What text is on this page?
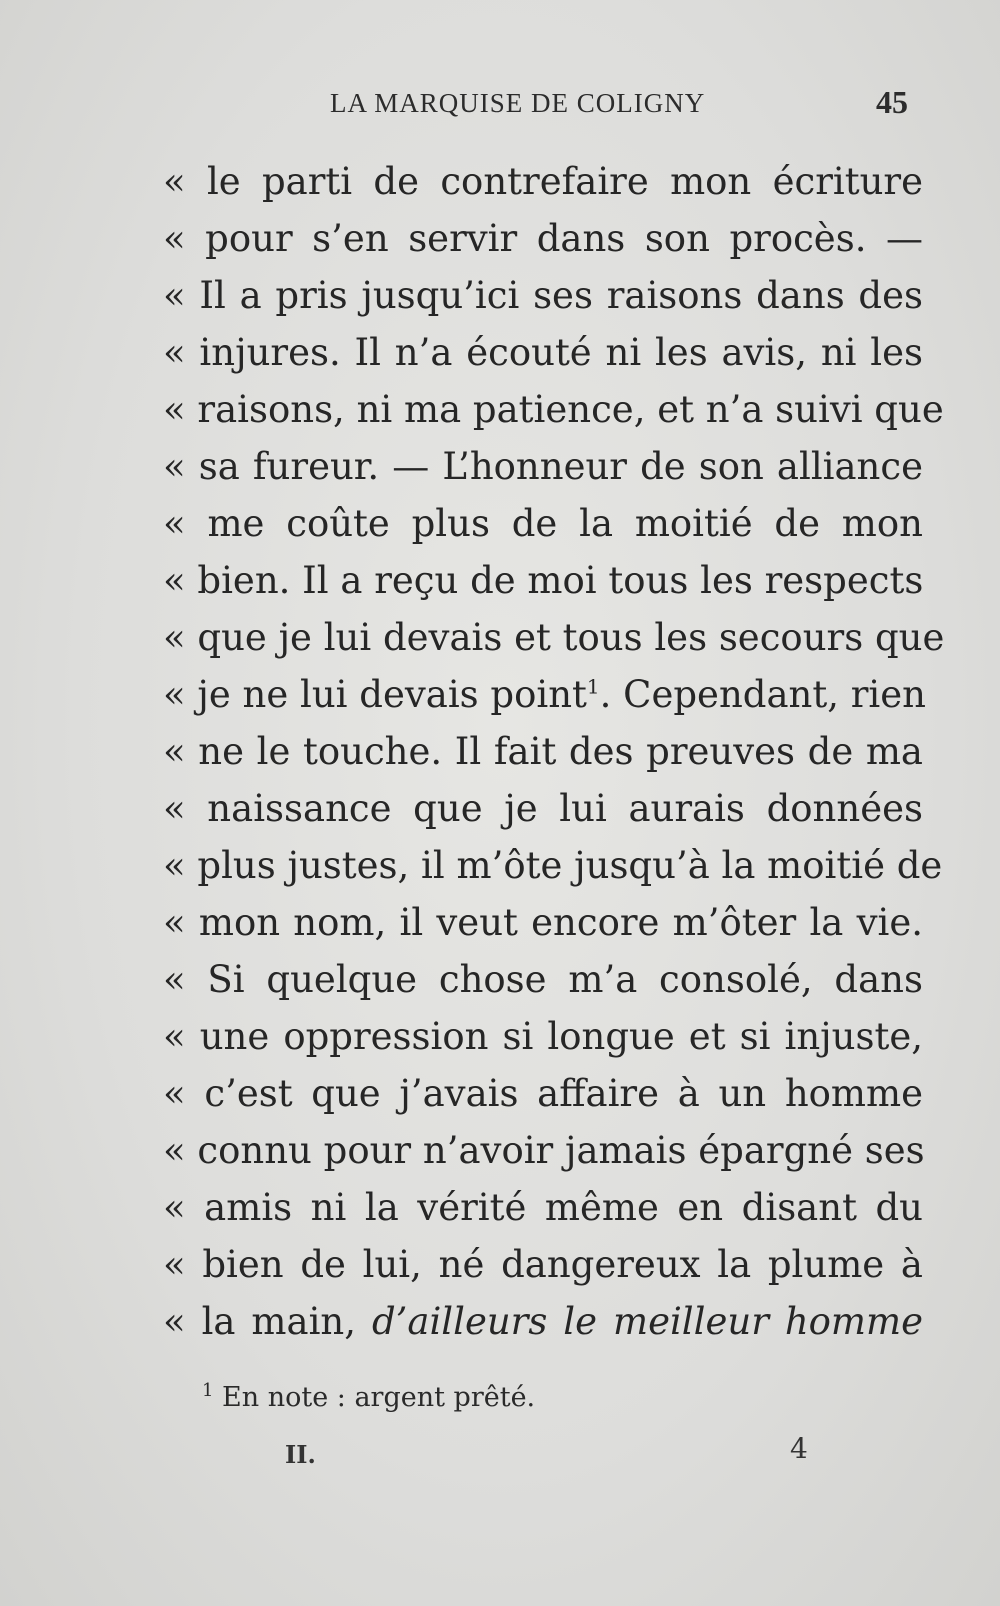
LA MARQUISE DE COLIGNY	45
« le parti de contrefaire mon écriture
« pour s’en servir dans son procès. —
« Il a pris jusqu’ici ses raisons dans des
« injures. Il n’a écouté ni les avis, ni les
« raisons, ni ma patience, et n’a suivi que
« sa fureur. — L’honneur de son alliance
« me coûte plus de la moitié de mon
« bien. Il a reçu de moi tous les respects
« que je lui devais et tous les secours que
« je ne lui devais point$^1$. Cependant, rien
« ne le touche. Il fait des preuves de ma
« naissance que je lui aurais données
« plus justes, il m’ôte jusqu’à la moitié de
« mon nom, il veut encore m’ôter la vie.
« Si quelque chose m’a consolé, dans
« une oppression si longue et si injuste,
« c’est que j’avais affaire à un homme
« connu pour n’avoir jamais épargné ses
« amis ni la vérité même en disant du
« bien de lui, né dangereux la plume à
« la main, d’ailleurs le meilleur homme
$^1$ En note : argent prêté.
II.	4
